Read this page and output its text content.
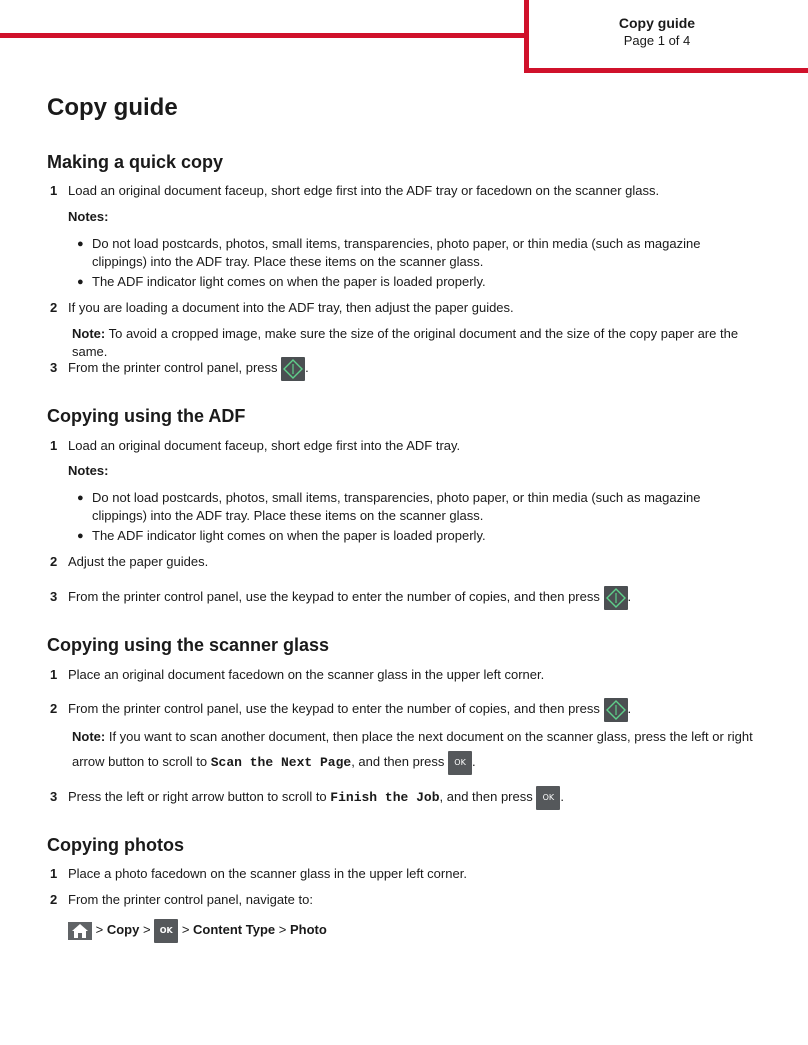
Copy guide
Page 1 of 4
Copy guide
Making a quick copy
1 Load an original document faceup, short edge first into the ADF tray or facedown on the scanner glass.
Notes:
● Do not load postcards, photos, small items, transparencies, photo paper, or thin media (such as magazine clippings) into the ADF tray. Place these items on the scanner glass.
● The ADF indicator light comes on when the paper is loaded properly.
2 If you are loading a document into the ADF tray, then adjust the paper guides.
Note: To avoid a cropped image, make sure the size of the original document and the size of the copy paper are the same.
3 From the printer control panel, press .
Copying using the ADF
1 Load an original document faceup, short edge first into the ADF tray.
Notes:
● Do not load postcards, photos, small items, transparencies, photo paper, or thin media (such as magazine clippings) into the ADF tray. Place these items on the scanner glass.
● The ADF indicator light comes on when the paper is loaded properly.
2 Adjust the paper guides.
3 From the printer control panel, use the keypad to enter the number of copies, and then press .
Copying using the scanner glass
1 Place an original document facedown on the scanner glass in the upper left corner.
2 From the printer control panel, use the keypad to enter the number of copies, and then press .
Note: If you want to scan another document, then place the next document on the scanner glass, press the left or right
arrow button to scroll to Scan the Next Page, and then press OK .
3 Press the left or right arrow button to scroll to Finish the Job, and then press OK .
Copying photos
1 Place a photo facedown on the scanner glass in the upper left corner.
2 From the printer control panel, navigate to:
> Copy > OK > Content Type > Photo
